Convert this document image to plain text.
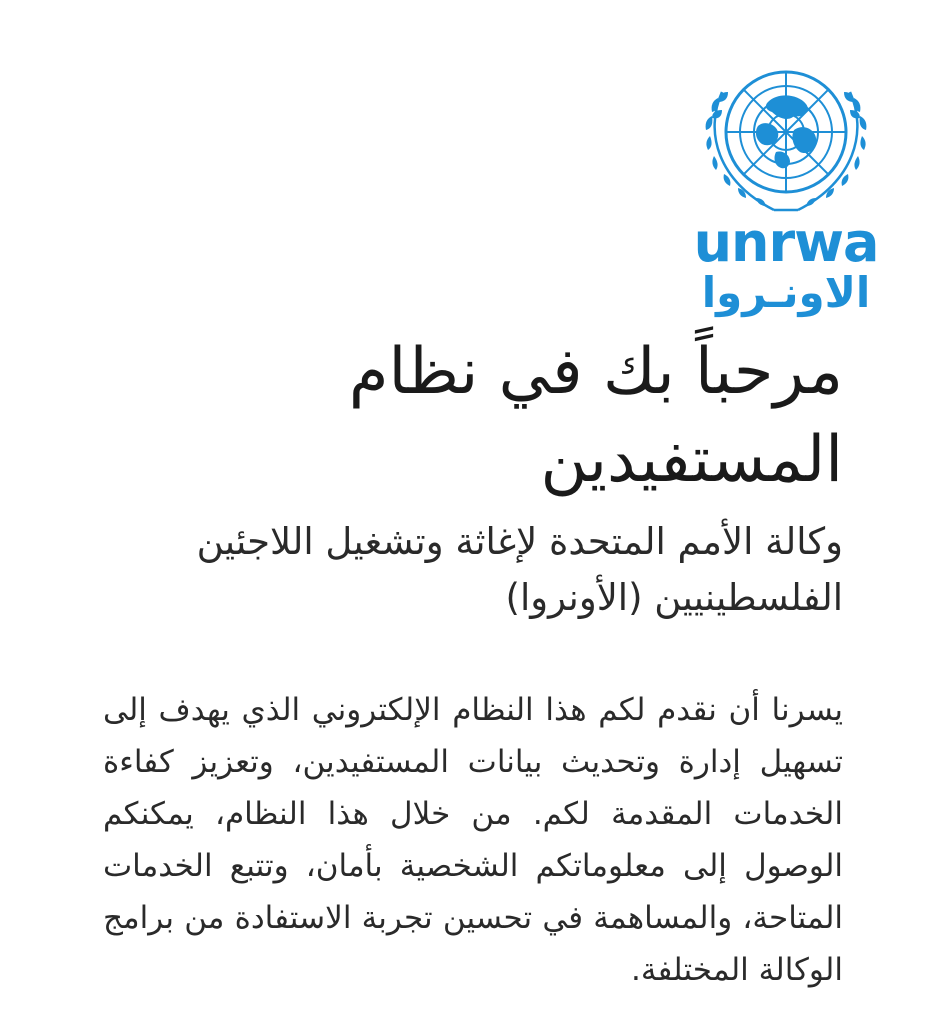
unrwa
الاونـروا
مرحباً بك في نظام المستفيدين
وكالة الأمم المتحدة لإغاثة وتشغيل اللاجئين الفلسطينيين (الأونروا)

يسرنا أن نقدم لكم هذا النظام الإلكتروني الذي يهدف إلى تسهيل إدارة وتحديث بيانات المستفيدين، وتعزيز كفاءة الخدمات المقدمة لكم. من خلال هذا النظام، يمكنكم الوصول إلى معلوماتكم الشخصية بأمان، وتتبع الخدمات المتاحة، والمساهمة في تحسين تجربة الاستفادة من برامج الوكالة المختلفة.
